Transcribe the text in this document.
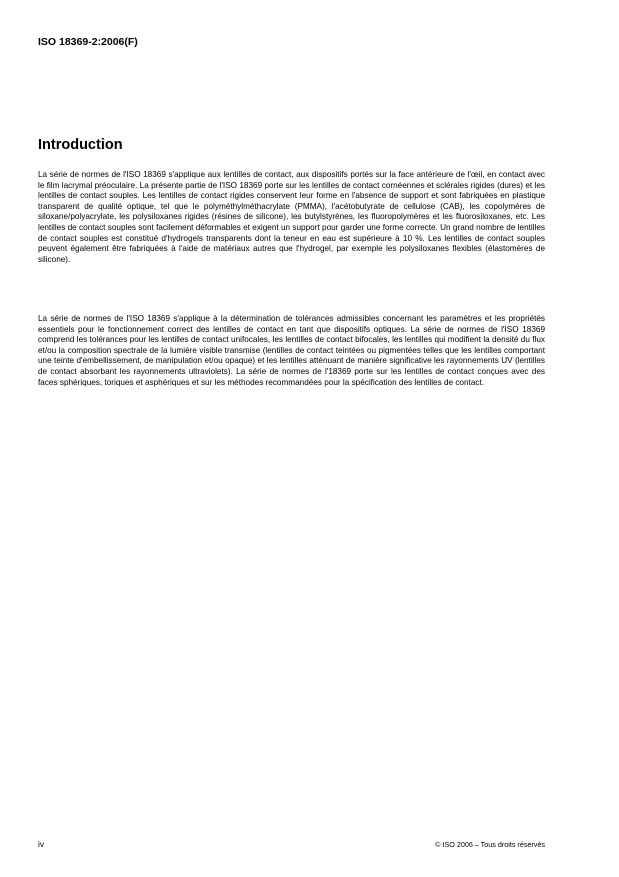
ISO 18369-2:2006(F)

Introduction

La série de normes de l'ISO 18369 s'applique aux lentilles de contact, aux dispositifs portés sur la face antérieure de l'œil, en contact avec le film lacrymal préoculaire. La présente partie de l'ISO 18369 porte sur les lentilles de contact cornéennes et sclérales rigides (dures) et les lentilles de contact souples. Les lentilles de contact rigides conservent leur forme en l'absence de support et sont fabriquées en plastique transparent de qualité optique, tel que le polyméthylméthacrylate (PMMA), l'acétobutyrate de cellulose (CAB), les copolymères de siloxane/polyacrylate, les polysiloxanes rigides (résines de silicone), les butylstyrènes, les fluoropolymères et les fluorosiloxanes, etc. Les lentilles de contact souples sont facilement déformables et exigent un support pour garder une forme correcte. Un grand nombre de lentilles de contact souples est constitué d'hydrogels transparents dont la teneur en eau est supérieure à 10 %. Les lentilles de contact souples peuvent également être fabriquées à l'aide de matériaux autres que l'hydrogel, par exemple les polysiloxanes flexibles (élastomères de silicone).

La série de normes de l'ISO 18369 s'applique à la détermination de tolérances admissibles concernant les paramètres et les propriétés essentiels pour le fonctionnement correct des lentilles de contact en tant que dispositifs optiques. La série de normes de l'ISO 18369 comprend les tolérances pour les lentilles de contact unifocales, les lentilles de contact bifocales, les lentilles qui modifient la densité du flux et/ou la composition spectrale de la lumière visible transmise (lentilles de contact teintées ou pigmentées telles que les lentilles comportant une teinte d'embellissement, de manipulation et/ou opaque) et les lentilles atténuant de manière significative les rayonnements UV (lentilles de contact absorbant les rayonnements ultraviolets). La série de normes de l'18369 porte sur les lentilles de contact conçues avec des faces sphériques, toriques et asphériques et sur les méthodes recommandées pour la spécification des lentilles de contact.

iv	© ISO 2006 – Tous droits réservés
